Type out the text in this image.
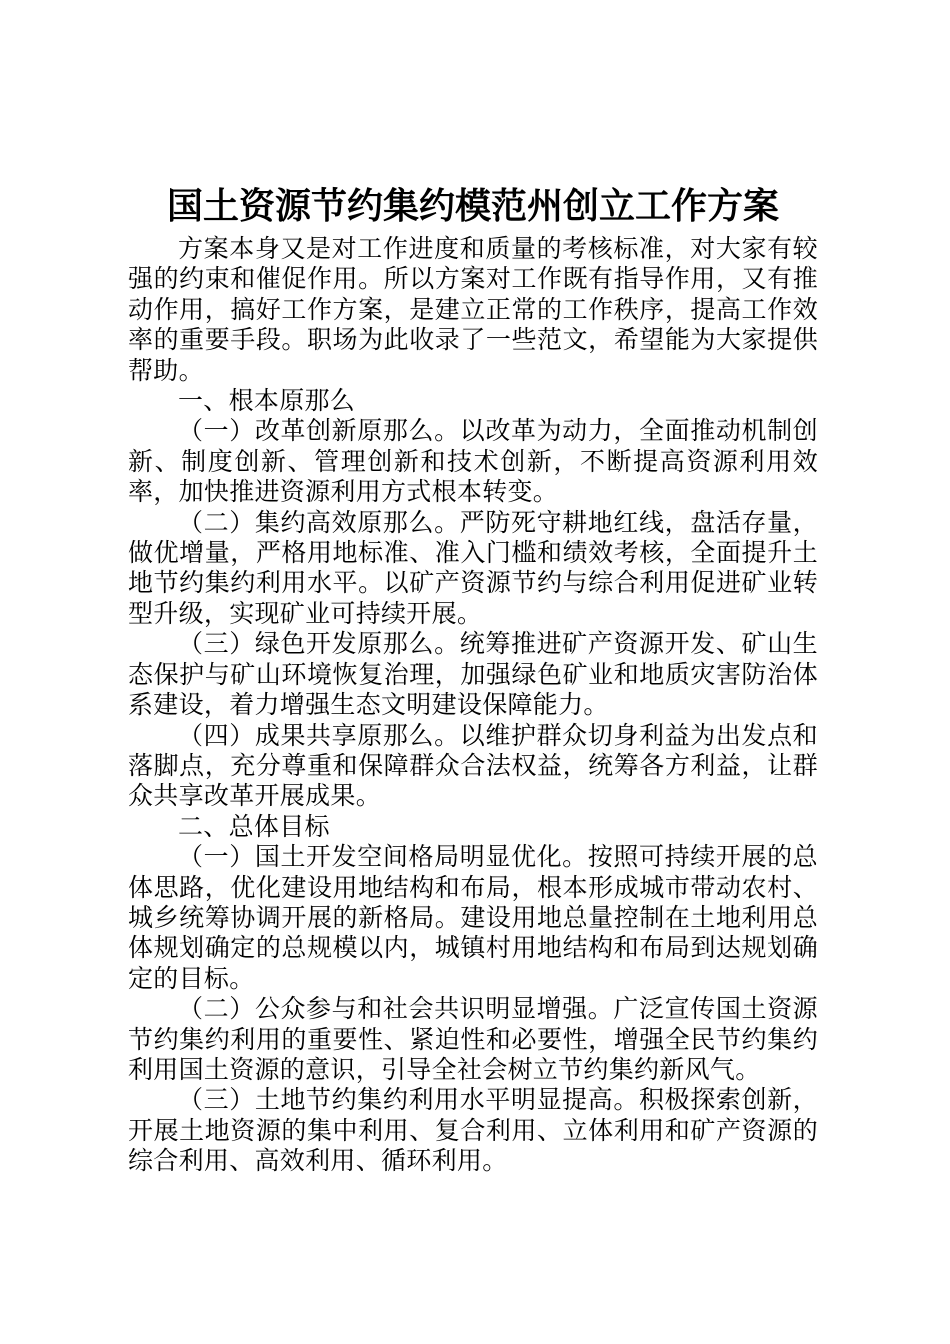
国土资源节约集约模范州创立工作方案

方案本身又是对工作进度和质量的考核标准，对大家有较强的约束和催促作用。所以方案对工作既有指导作用，又有推动作用，搞好工作方案，是建立正常的工作秩序，提高工作效率的重要手段。职场为此收录了一些范文，希望能为大家提供帮助。

一、根本原那么

（一）改革创新原那么。以改革为动力，全面推动机制创新、制度创新、管理创新和技术创新，不断提高资源利用效率，加快推进资源利用方式根本转变。

（二）集约高效原那么。严防死守耕地红线，盘活存量，做优增量，严格用地标准、准入门槛和绩效考核，全面提升土地节约集约利用水平。以矿产资源节约与综合利用促进矿业转型升级，实现矿业可持续开展。

（三）绿色开发原那么。统筹推进矿产资源开发、矿山生态保护与矿山环境恢复治理，加强绿色矿业和地质灾害防治体系建设，着力增强生态文明建设保障能力。

（四）成果共享原那么。以维护群众切身利益为出发点和落脚点，充分尊重和保障群众合法权益，统筹各方利益，让群众共享改革开展成果。

二、总体目标

（一）国土开发空间格局明显优化。按照可持续开展的总体思路，优化建设用地结构和布局，根本形成城市带动农村、城乡统筹协调开展的新格局。建设用地总量控制在土地利用总体规划确定的总规模以内，城镇村用地结构和布局到达规划确定的目标。

（二）公众参与和社会共识明显增强。广泛宣传国土资源节约集约利用的重要性、紧迫性和必要性，增强全民节约集约利用国土资源的意识，引导全社会树立节约集约新风气。

（三）土地节约集约利用水平明显提高。积极探索创新，开展土地资源的集中利用、复合利用、立体利用和矿产资源的综合利用、高效利用、循环利用。
